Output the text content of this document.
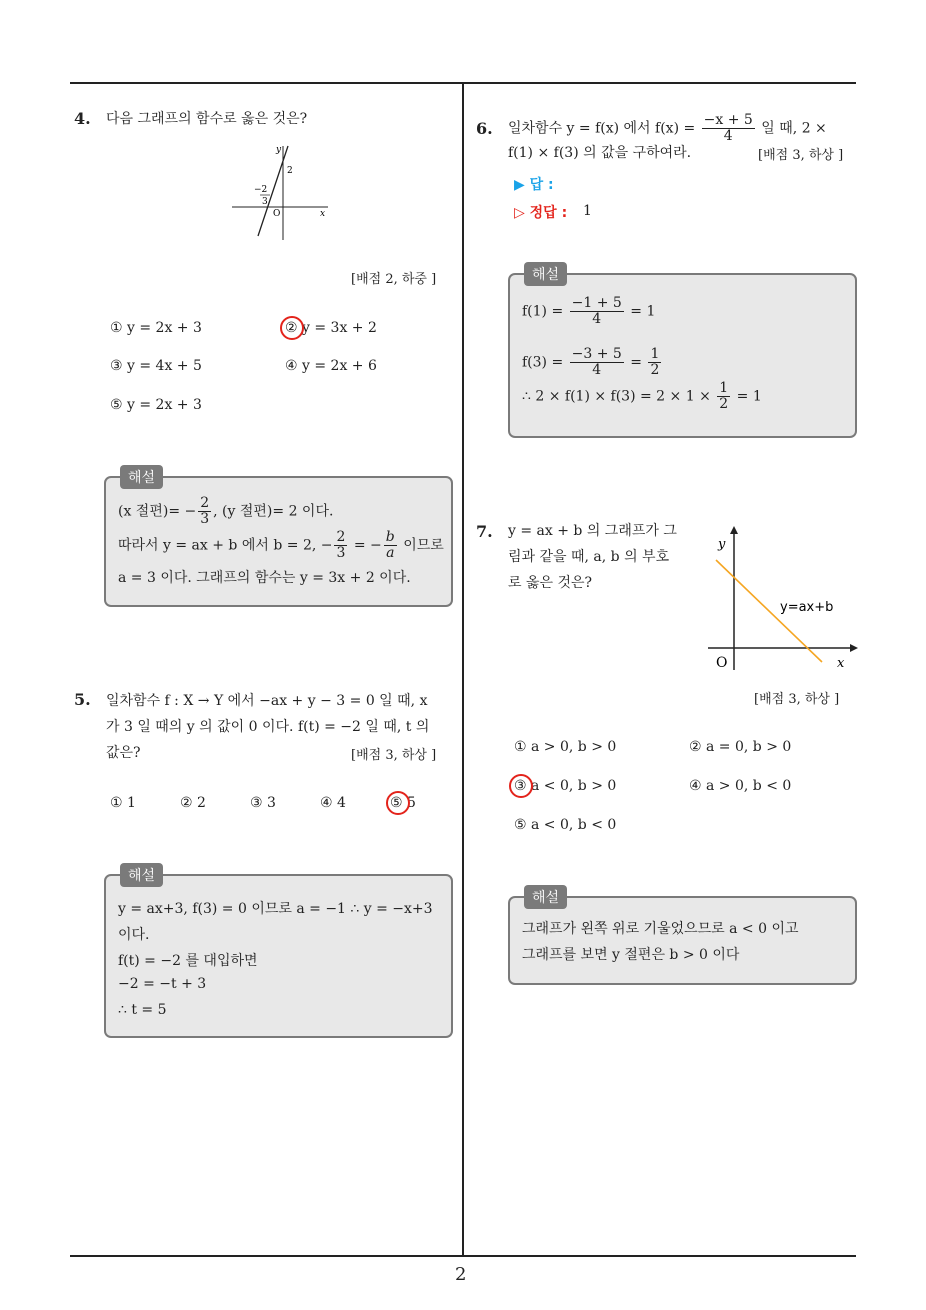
2
4. 다음 그래프의 함수로 옳은 것은?
y
2
−2
3
O	x
[배점 2, 하중 ]
① y = 2x + 3	② y = 3x + 2
③ y = 4x + 5	④ y = 2x + 6
⑤ y = 2x + 3
해설
(x 절편)= − $\frac{2}{3}$ , (y 절편)= 2 이다.
따라서 y = ax + b 에서 b = 2, − $\frac{2}{3}$ = − $\frac{b}{a}$ 이므로
a = 3 이다. 그래프의 함수는 y = 3x + 2 이다.
5. 일차함수 f : X → Y 에서 −ax + y − 3 = 0 일 때, x
가 3 일 때의 y 의 값이 0 이다. f(t) = −2 일 때, t 의
값은?	[배점 3, 하상 ]
① 1	② 2	③ 3	④ 4	⑤ 5
해설
y = ax+3, f(3) = 0 이므로 a = −1 ∴ y = −x+3
이다.
f(t) = −2 를 대입하면
−2 = −t + 3
∴ t = 5
6. 일차함수 y = f(x) 에서 $f(x) = \frac{-x + 5}{4}$ 일 때, 2 ×
f(1) × f(3) 의 값을 구하여라.	[배점 3, 하상 ]
▶ 답 :
▷ 정답 : 1
해설
$f(1) = \frac{-1 + 5}{4} = 1$
$f(3) = \frac{-3 + 5}{4} = \frac{1}{2}$
∴ $2 \times f(1) \times f(3) = 2 \times 1 \times \frac{1}{2} = 1$
7. y = ax + b 의 그래프가 그
림과 같을 때, a, b 의 부호
로 옳은 것은?
y
y=ax+b
O	x
[배점 3, 하상 ]
① a > 0, b > 0	② a = 0, b > 0
③ a < 0, b > 0	④ a > 0, b < 0
⑤ a < 0, b < 0
해설
그래프가 왼쪽 위로 기울었으므로 a < 0 이고
그래프를 보면 y 절편은 b > 0 이다
